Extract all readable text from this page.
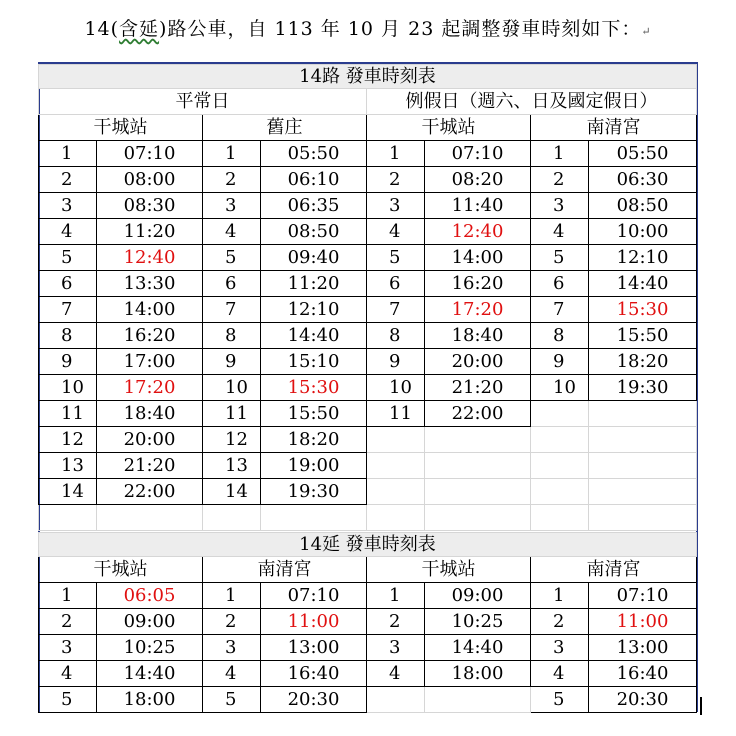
14(含延)路公車，自 113 年 10 月 23 起調整發車時刻如下：↵
14路 發車時刻表							
平常日				例假日（週六、日及國定假日）			
干城站		舊庄		干城站		南清宮	
1	07:10	1	05:50	1	07:10	1	05:50
2	08:00	2	06:10	2	08:20	2	06:30
3	08:30	3	06:35	3	11:40	3	08:50
4	11:20	4	08:50	4	12:40	4	10:00
5	12:40	5	09:40	5	14:00	5	12:10
6	13:30	6	11:20	6	16:20	6	14:40
7	14:00	7	12:10	7	17:20	7	15:30
8	16:20	8	14:40	8	18:40	8	15:50
9	17:00	9	15:10	9	20:00	9	18:20
10	17:20	10	15:30	10	21:20	10	19:30
11	18:40	11	15:50	11	22:00		
12	20:00	12	18:20				
13	21:20	13	19:00				
14	22:00	14	19:30				

14延 發車時刻表							
干城站		南清宮		干城站		南清宮	
1	06:05	1	07:10	1	09:00	1	07:10
2	09:00	2	11:00	2	10:25	2	11:00
3	10:25	3	13:00	3	14:40	3	13:00
4	14:40	4	16:40	4	18:00	4	16:40
5	18:00	5	20:30			5	20:30
